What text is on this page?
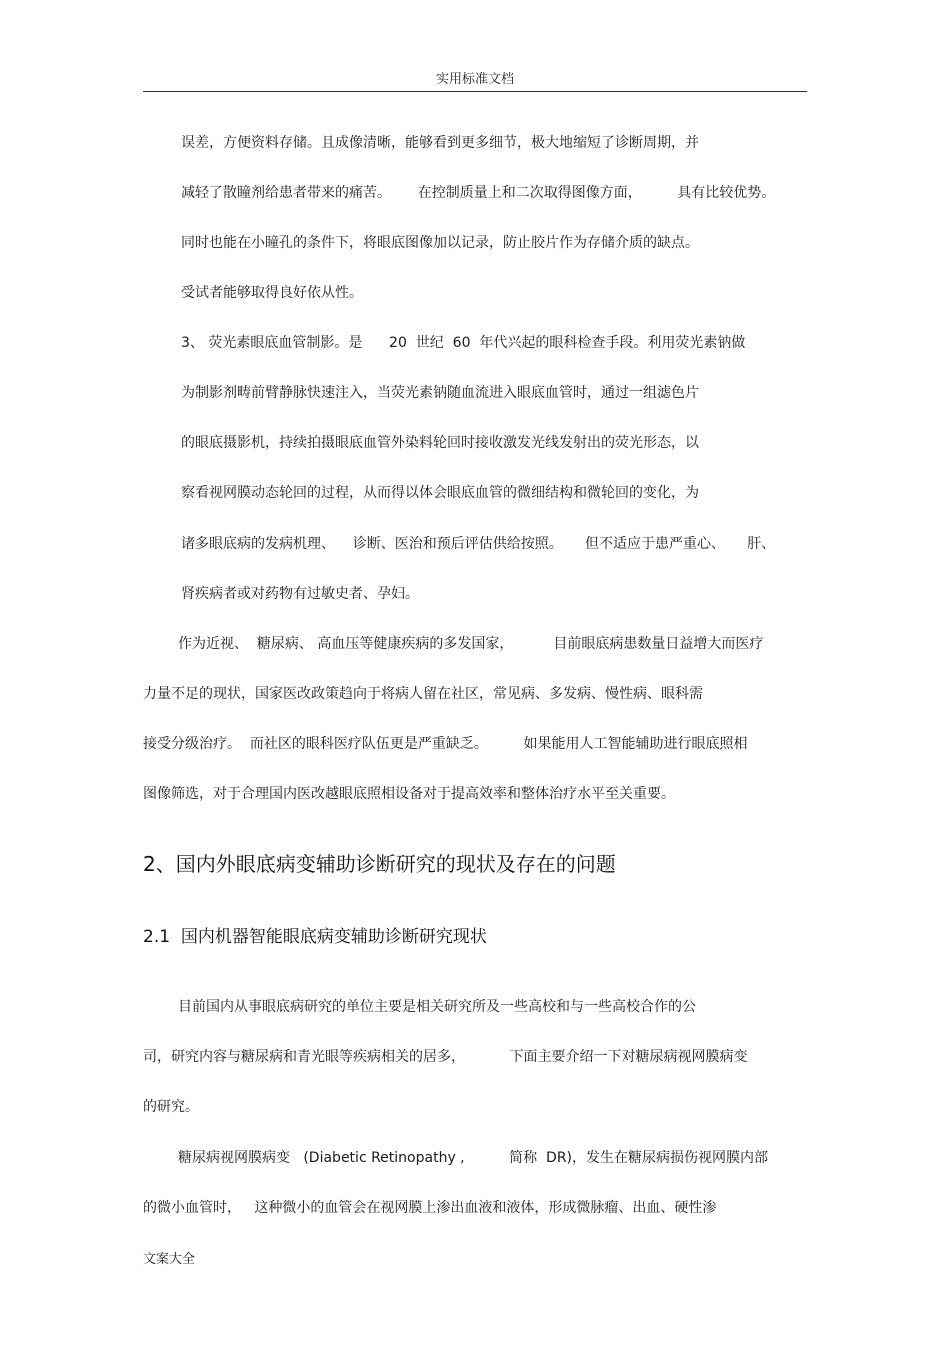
实用标准文档
误差，方便资料存储。且成像清晰，能够看到更多细节，极大地缩短了诊断周期，并
减轻了散瞳剂给患者带来的痛苦。      在控制质量上和二次取得图像方面，        具有比较优势。
同时也能在小瞳孔的条件下，将眼底图像加以记录，防止胶片作为存储介质的缺点。
受试者能够取得良好依从性。
3、 荧光素眼底血管制影。是      20  世纪  60  年代兴起的眼科检查手段。利用荧光素钠做
为制影剂畴前臂静脉快速注入，当荧光素钠随血流进入眼底血管时，通过一组滤色片
的眼底摄影机，持续拍摄眼底血管外染料轮回时接收激发光线发射出的荧光形态，以
察看视网膜动态轮回的过程，从而得以体会眼底血管的微细结构和微轮回的变化，为
诸多眼底病的发病机理、    诊断、医治和预后评估供给按照。     但不适应于患严重心、     肝、
肾疾病者或对药物有过敏史者、孕妇。
作为近视、  糖尿病、 高血压等健康疾病的多发国家，         目前眼底病患数量日益增大而医疗
力量不足的现状，国家医改政策趋向于将病人留在社区，常见病、多发病、慢性病、眼科需
接受分级治疗。  而社区的眼科医疗队伍更是严重缺乏。        如果能用人工智能辅助进行眼底照相
图像筛选，对于合理国内医改越眼底照相设备对于提高效率和整体治疗水平至关重要。
2、国内外眼底病变辅助诊断研究的现状及存在的问题
2.1  国内机器智能眼底病变辅助诊断研究现状
目前国内从事眼底病研究的单位主要是相关研究所及一些高校和与一些高校合作的公
司，研究内容与糖尿病和青光眼等疾病相关的居多，          下面主要介绍一下对糖尿病视网膜病变
的研究。
糖尿病视网膜病变   (Diabetic Retinopathy ,          简称  DR)，发生在糖尿病损伤视网膜内部
的微小血管时，   这种微小的血管会在视网膜上渗出血液和液体，形成微脉瘤、出血、硬性渗
文案大全
